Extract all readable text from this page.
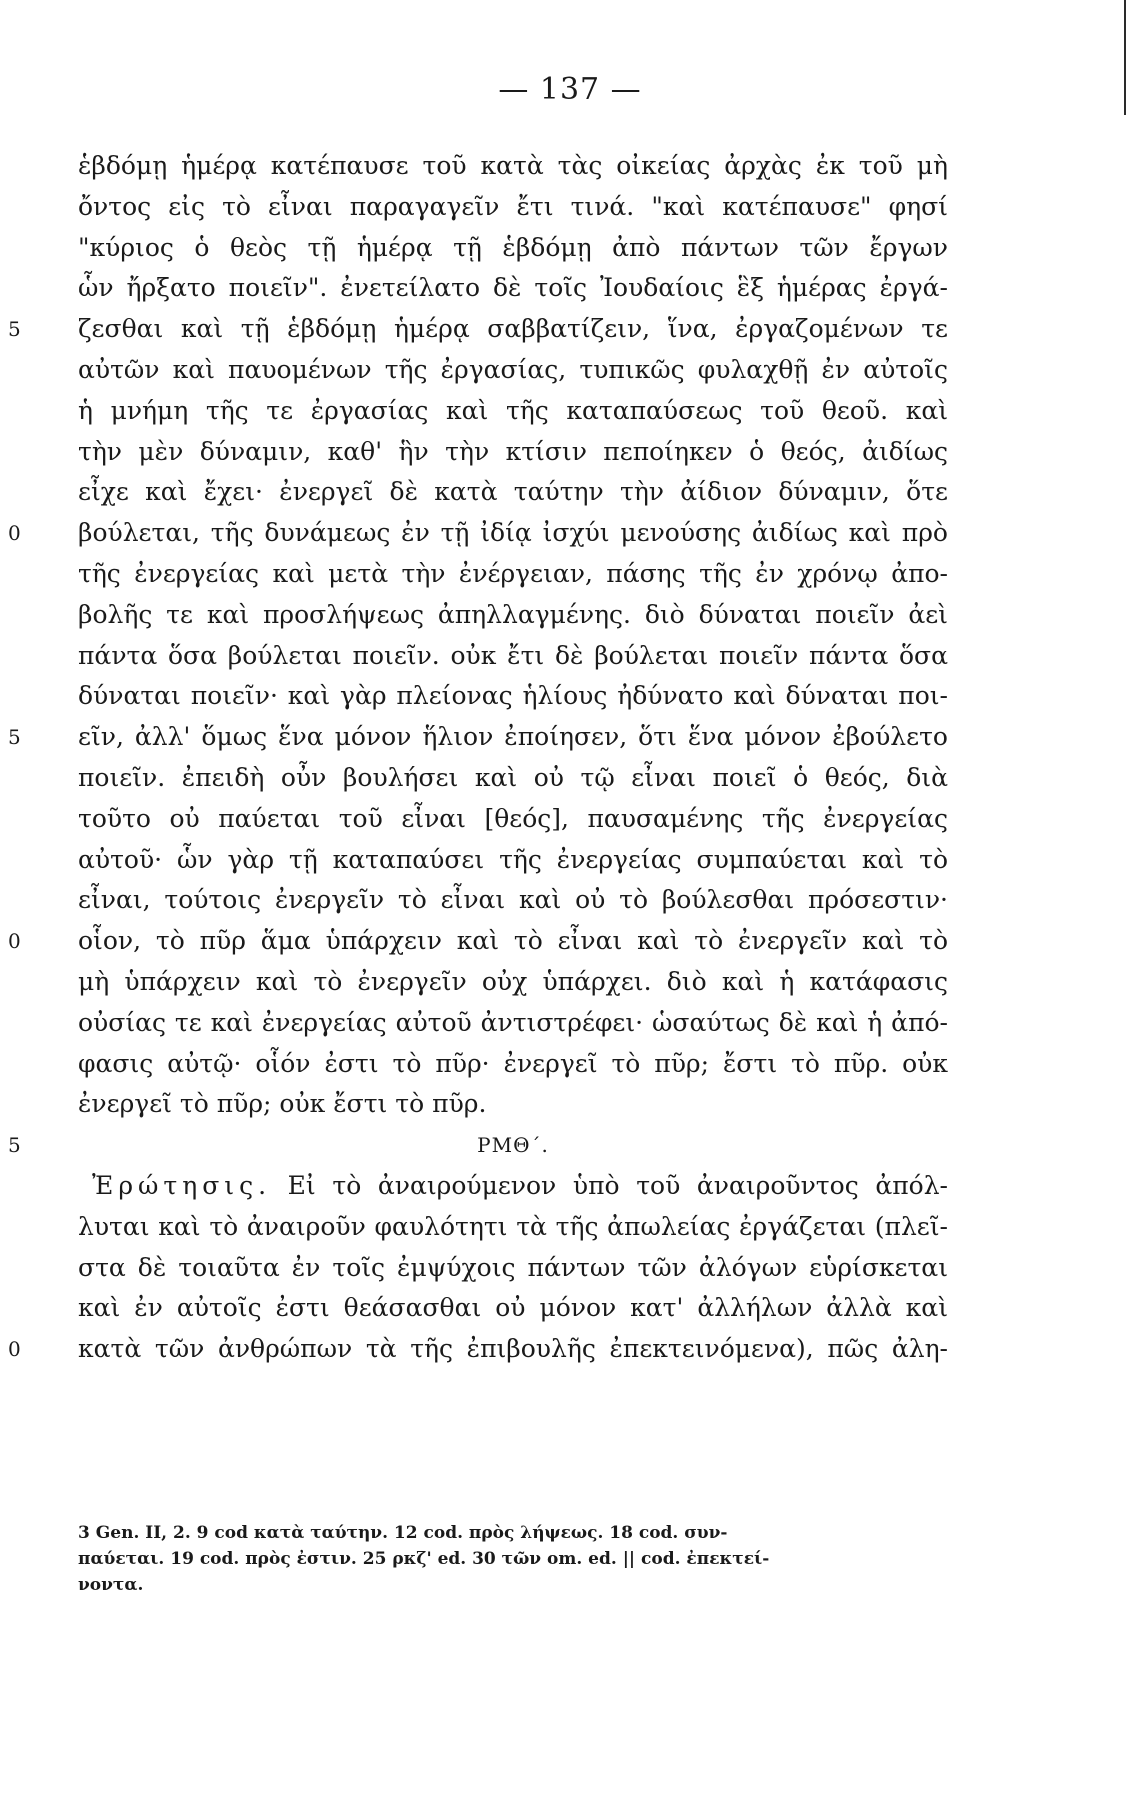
— 137 —
ἑβδόμῃ ἡμέρᾳ κατέπαυσε τοῦ κατὰ τὰς οἰκείας ἀρχὰς ἐκ τοῦ μὴ
ὄντος εἰς τὸ εἶναι παραγαγεῖν ἔτι τινά. "καὶ κατέπαυσε" φησί
"κύριος ὁ θεὸς τῇ ἡμέρᾳ τῇ ἑβδόμῃ ἀπὸ πάντων τῶν ἔργων
ὧν ἤρξατο ποιεῖν". ἐνετείλατο δὲ τοῖς Ἰουδαίοις ἓξ ἡμέρας ἐργά-
5	ζεσθαι καὶ τῇ ἑβδόμῃ ἡμέρᾳ σαββατίζειν, ἵνα, ἐργαζομένων τε
αὐτῶν καὶ παυομένων τῆς ἐργασίας, τυπικῶς φυλαχθῇ ἐν αὐτοῖς
ἡ μνήμη τῆς τε ἐργασίας καὶ τῆς καταπαύσεως τοῦ θεοῦ. καὶ
τὴν μὲν δύναμιν, καθ' ἣν τὴν κτίσιν πεποίηκεν ὁ θεός, ἀιδίως
εἶχε καὶ ἔχει· ἐνεργεῖ δὲ κατὰ ταύτην τὴν ἀίδιον δύναμιν, ὅτε
0	βούλεται, τῆς δυνάμεως ἐν τῇ ἰδίᾳ ἰσχύι μενούσης ἀιδίως καὶ πρὸ
τῆς ἐνεργείας καὶ μετὰ τὴν ἐνέργειαν, πάσης τῆς ἐν χρόνῳ ἀπο-
βολῆς τε καὶ προσλήψεως ἀπηλλαγμένης. διὸ δύναται ποιεῖν ἀεὶ
πάντα ὅσα βούλεται ποιεῖν. οὐκ ἔτι δὲ βούλεται ποιεῖν πάντα ὅσα
δύναται ποιεῖν· καὶ γὰρ πλείονας ἡλίους ἠδύνατο καὶ δύναται ποι-
5	εῖν, ἀλλ' ὅμως ἕνα μόνον ἥλιον ἐποίησεν, ὅτι ἕνα μόνον ἐβούλετο
ποιεῖν. ἐπειδὴ οὖν βουλήσει καὶ οὐ τῷ εἶναι ποιεῖ ὁ θεός, διὰ
τοῦτο οὐ παύεται τοῦ εἶναι [θεός], παυσαμένης τῆς ἐνεργείας
αὐτοῦ· ὧν γὰρ τῇ καταπαύσει τῆς ἐνεργείας συμπαύεται καὶ τὸ
εἶναι, τούτοις ἐνεργεῖν τὸ εἶναι καὶ οὐ τὸ βούλεσθαι πρόσεστιν·
0	οἷον, τὸ πῦρ ἅμα ὑπάρχειν καὶ τὸ εἶναι καὶ τὸ ἐνεργεῖν καὶ τὸ
μὴ ὑπάρχειν καὶ τὸ ἐνεργεῖν οὐχ ὑπάρχει. διὸ καὶ ἡ κατάφασις
οὐσίας τε καὶ ἐνεργείας αὐτοῦ ἀντιστρέφει· ὡσαύτως δὲ καὶ ἡ ἀπό-
φασις αὐτῷ· οἷόν ἐστι τὸ πῦρ· ἐνεργεῖ τὸ πῦρ; ἔστι τὸ πῦρ. οὐκ
ἐνεργεῖ τὸ πῦρ; οὐκ ἔστι τὸ πῦρ.
5	ΡΜΘ΄.
Ἐρώτησις. Εἰ τὸ ἀναιρούμενον ὑπὸ τοῦ ἀναιροῦντος ἀπόλ-
λυται καὶ τὸ ἀναιροῦν φαυλότητι τὰ τῆς ἀπωλείας ἐργάζεται (πλεῖ-
στα δὲ τοιαῦτα ἐν τοῖς ἐμψύχοις πάντων τῶν ἀλόγων εὑρίσκεται
καὶ ἐν αὐτοῖς ἐστι θεάσασθαι οὐ μόνον κατ' ἀλλήλων ἀλλὰ καὶ
0	κατὰ τῶν ἀνθρώπων τὰ τῆς ἐπιβουλῆς ἐπεκτεινόμενα), πῶς ἀλη-
3 Gen. II, 2. 9 cod κατὰ ταύτην. 12 cod. πρὸς λήψεως. 18 cod. συν-
παύεται. 19 cod. πρὸς ἐστιν. 25 ρκζ' ed. 30 τῶν om. ed. || cod. ἐπεκτεί-
νοντα.
